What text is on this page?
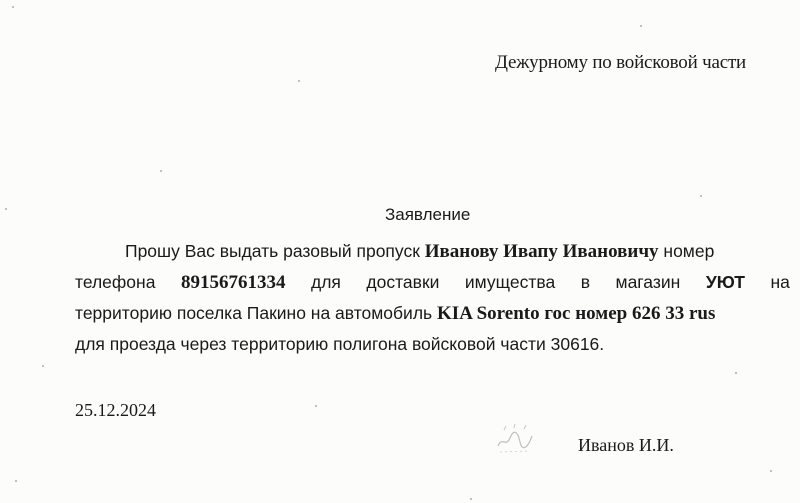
Дежурному по войсковой части
Заявление
Прошу Вас выдать разовый пропуск Иванову Ивапу Ивановичу номер
телефона 89156761334 для доставки имущества в магазин УЮТ на
территорию поселка Пакино на автомобиль KIA Sorento гос номер 626 33 rus
для проезда через территорию полигона войсковой части 30616.
25.12.2024
Иванов И.И.
